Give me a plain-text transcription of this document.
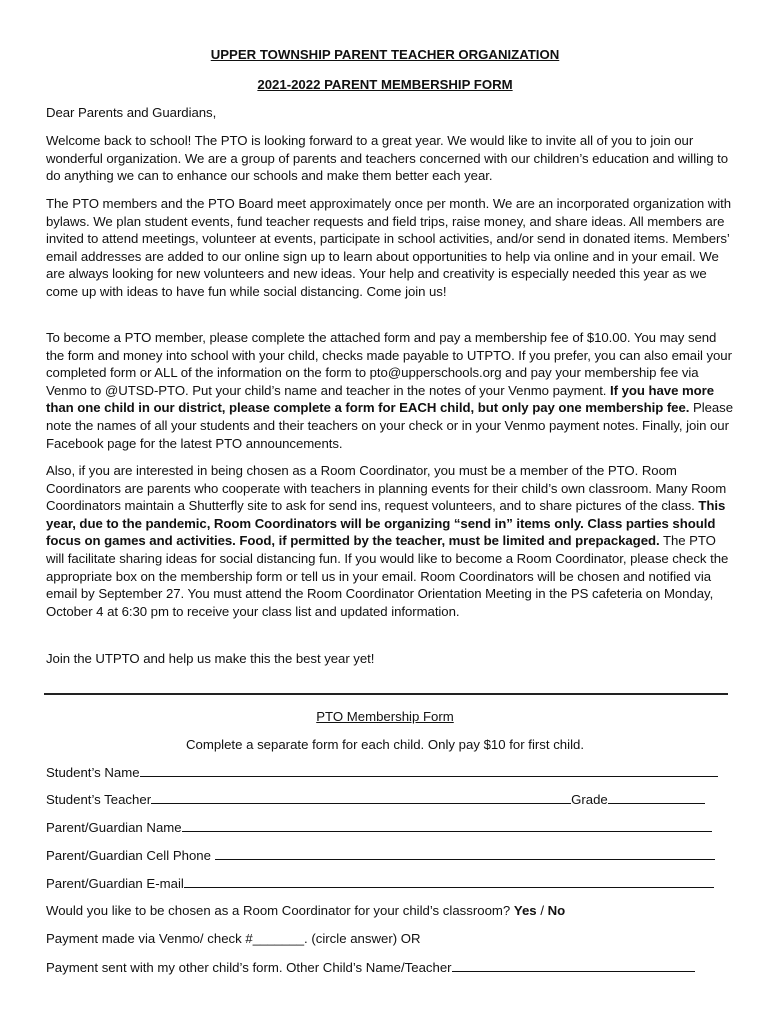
UPPER TOWNSHIP PARENT TEACHER ORGANIZATION
2021-2022 PARENT MEMBERSHIP FORM

Dear Parents and Guardians,

Welcome back to school! The PTO is looking forward to a great year. We would like to invite all of you to join our wonderful organization. We are a group of parents and teachers concerned with our children’s education and willing to do anything we can to enhance our schools and make them better each year.

The PTO members and the PTO Board meet approximately once per month. We are an incorporated organization with bylaws. We plan student events, fund teacher requests and field trips, raise money, and share ideas. All members are invited to attend meetings, volunteer at events, participate in school activities, and/or send in donated items. Members’ email addresses are added to our online sign up to learn about opportunities to help via online and in your email. We are always looking for new volunteers and new ideas. Your help and creativity is especially needed this year as we come up with ideas to have fun while social distancing. Come join us!

To become a PTO member, please complete the attached form and pay a membership fee of $10.00. You may send the form and money into school with your child, checks made payable to UTPTO. If you prefer, you can also email your completed form or ALL of the information on the form to pto@upperschools.org and pay your membership fee via Venmo to @UTSD-PTO. Put your child’s name and teacher in the notes of your Venmo payment. If you have more than one child in our district, please complete a form for EACH child, but only pay one membership fee. Please note the names of all your students and their teachers on your check or in your Venmo payment notes. Finally, join our Facebook page for the latest PTO announcements.

Also, if you are interested in being chosen as a Room Coordinator, you must be a member of the PTO. Room Coordinators are parents who cooperate with teachers in planning events for their child’s own classroom. Many Room Coordinators maintain a Shutterfly site to ask for send ins, request volunteers, and to share pictures of the class. This year, due to the pandemic, Room Coordinators will be organizing “send in” items only. Class parties should focus on games and activities. Food, if permitted by the teacher, must be limited and prepackaged. The PTO will facilitate sharing ideas for social distancing fun. If you would like to become a Room Coordinator, please check the appropriate box on the membership form or tell us in your email. Room Coordinators will be chosen and notified via email by September 27. You must attend the Room Coordinator Orientation Meeting in the PS cafeteria on Monday, October 4 at 6:30 pm to receive your class list and updated information.

Join the UTPTO and help us make this the best year yet!

PTO Membership Form
Complete a separate form for each child. Only pay $10 for first child.
Student’s Name
Student’s Teacher	Grade
Parent/Guardian Name
Parent/Guardian Cell Phone
Parent/Guardian E-mail
Would you like to be chosen as a Room Coordinator for your child’s classroom? Yes / No
Payment made via Venmo/ check #_______. (circle answer) OR
Payment sent with my other child’s form. Other Child’s Name/Teacher
